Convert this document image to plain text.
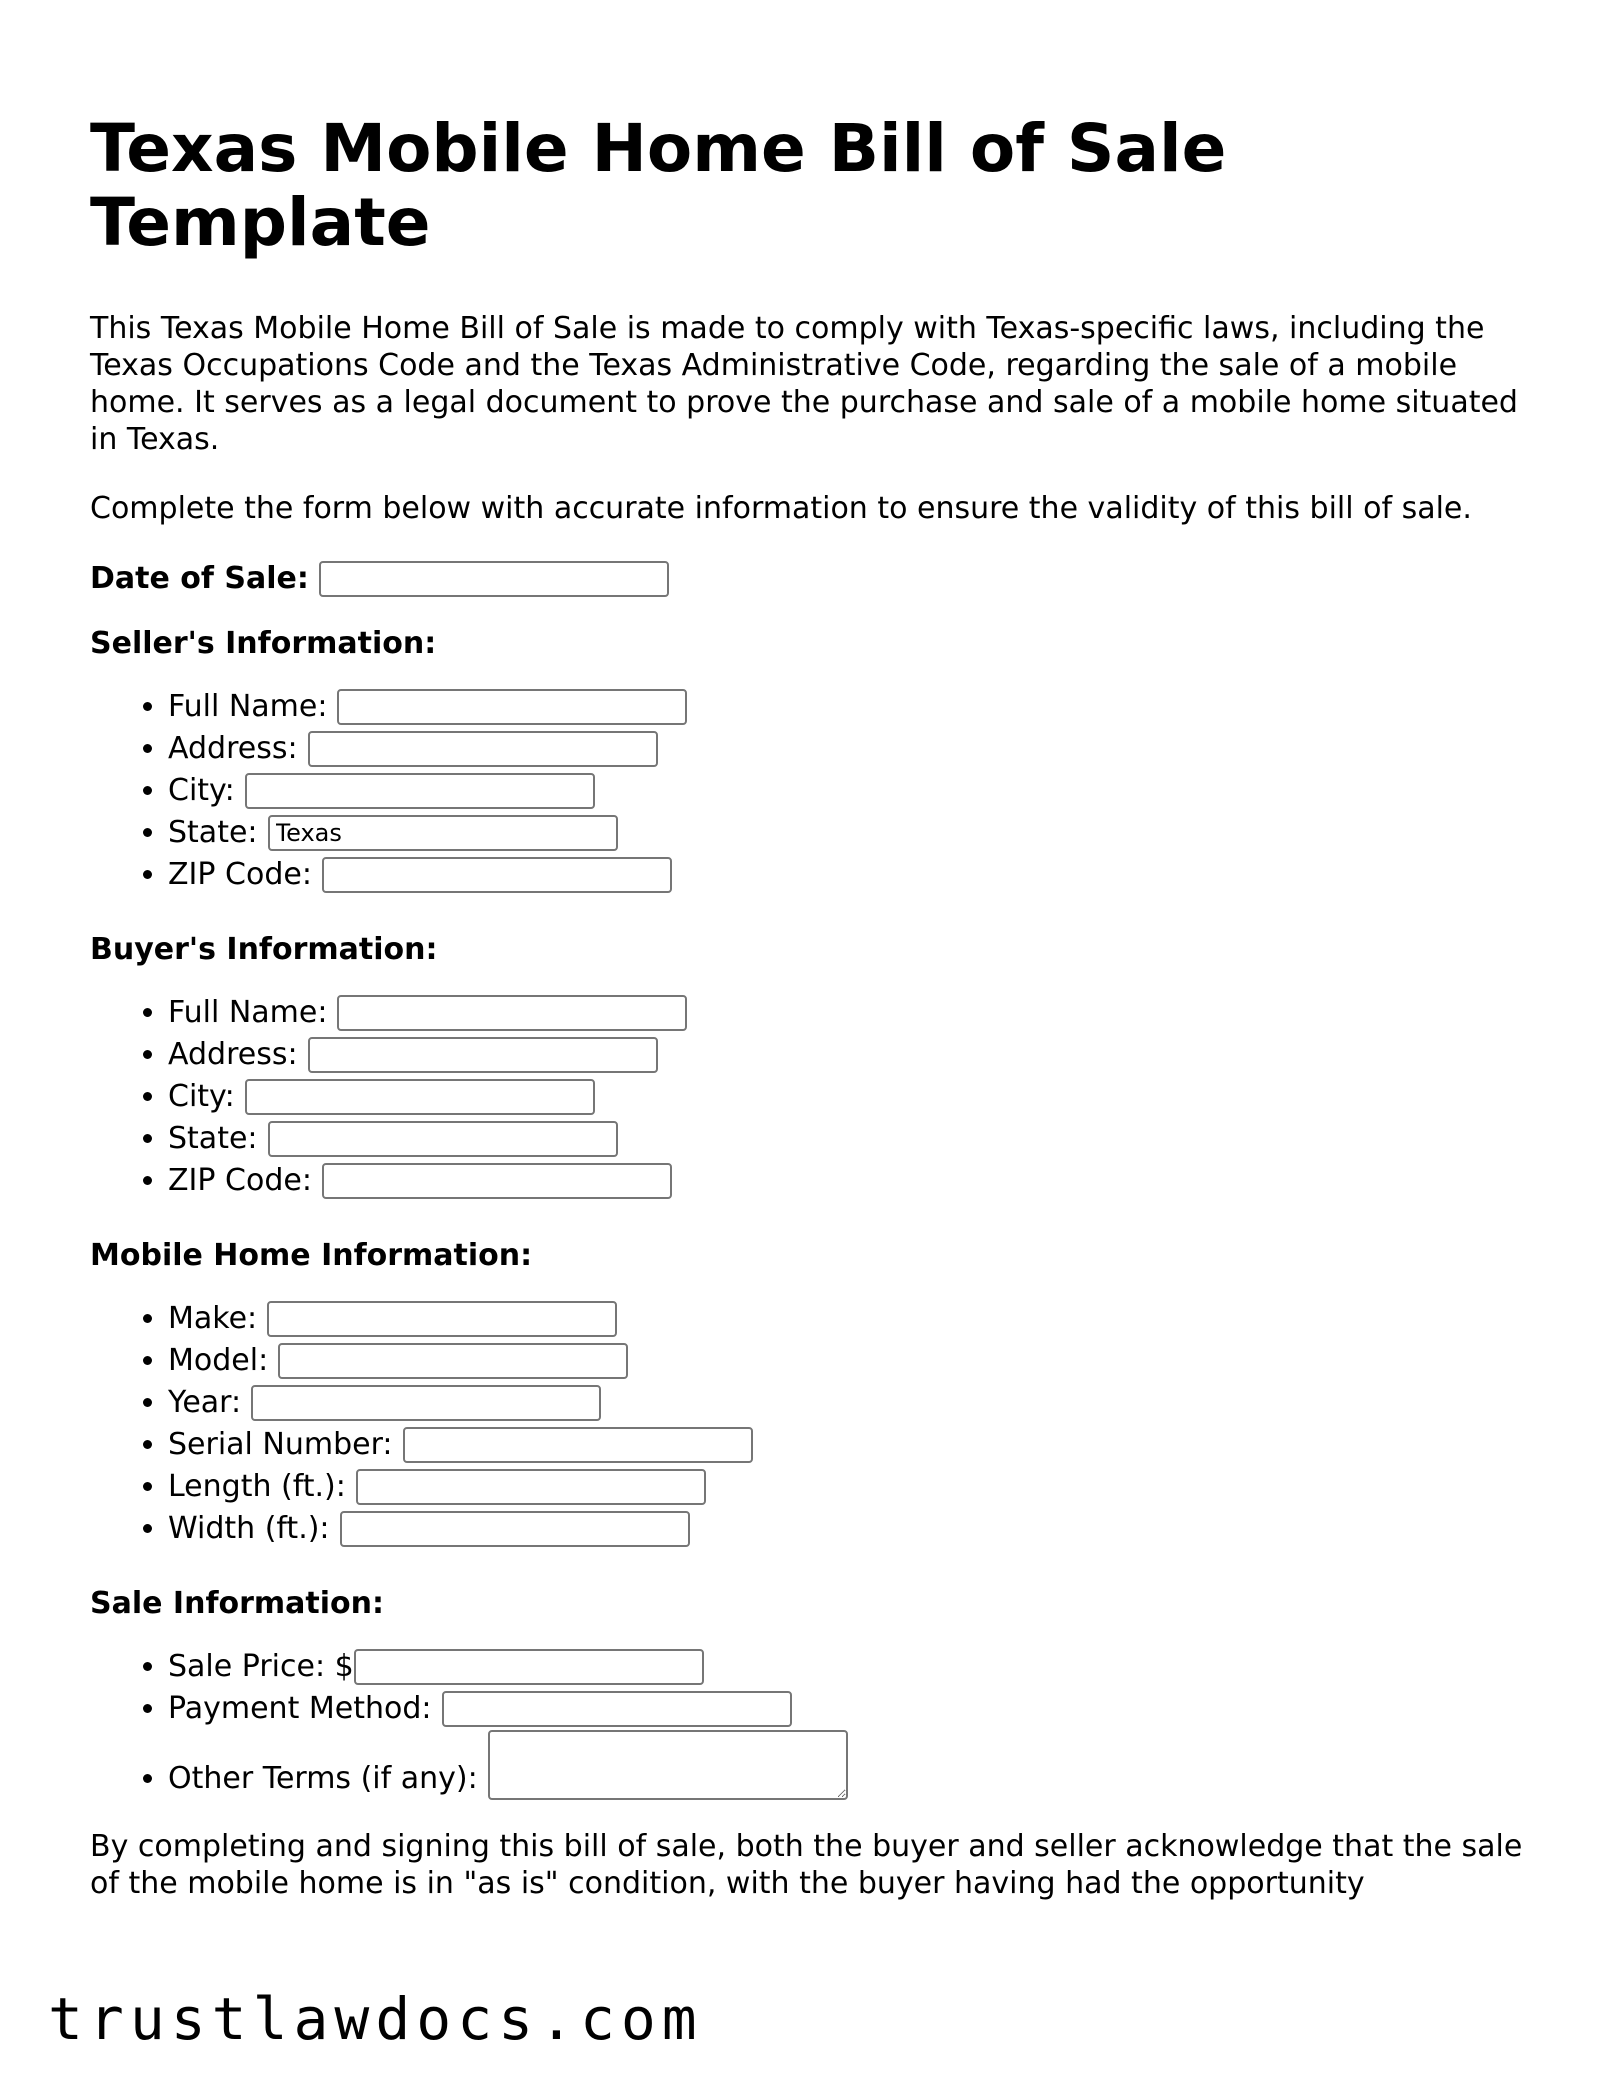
Texas Mobile Home Bill of Sale Template

This Texas Mobile Home Bill of Sale is made to comply with Texas-specific laws, including the Texas Occupations Code and the Texas Administrative Code, regarding the sale of a mobile home. It serves as a legal document to prove the purchase and sale of a mobile home situated in Texas.

Complete the form below with accurate information to ensure the validity of this bill of sale.

Date of Sale:
Seller's Information:
• Full Name:
• Address:
• City:
• State:
Texas
• ZIP Code:
Buyer's Information:
• Full Name:
• Address:
• City:
• State:
• ZIP Code:
Mobile Home Information:
• Make:
• Model:
• Year:
• Serial Number:
• Length (ft.):
• Width (ft.):
Sale Information:
• Sale Price: $
• Payment Method:
• Other Terms (if any):

By completing and signing this bill of sale, both the buyer and seller acknowledge that the sale of the mobile home is in "as is" condition, with the buyer having had the opportunity

trustlawdocs.com
